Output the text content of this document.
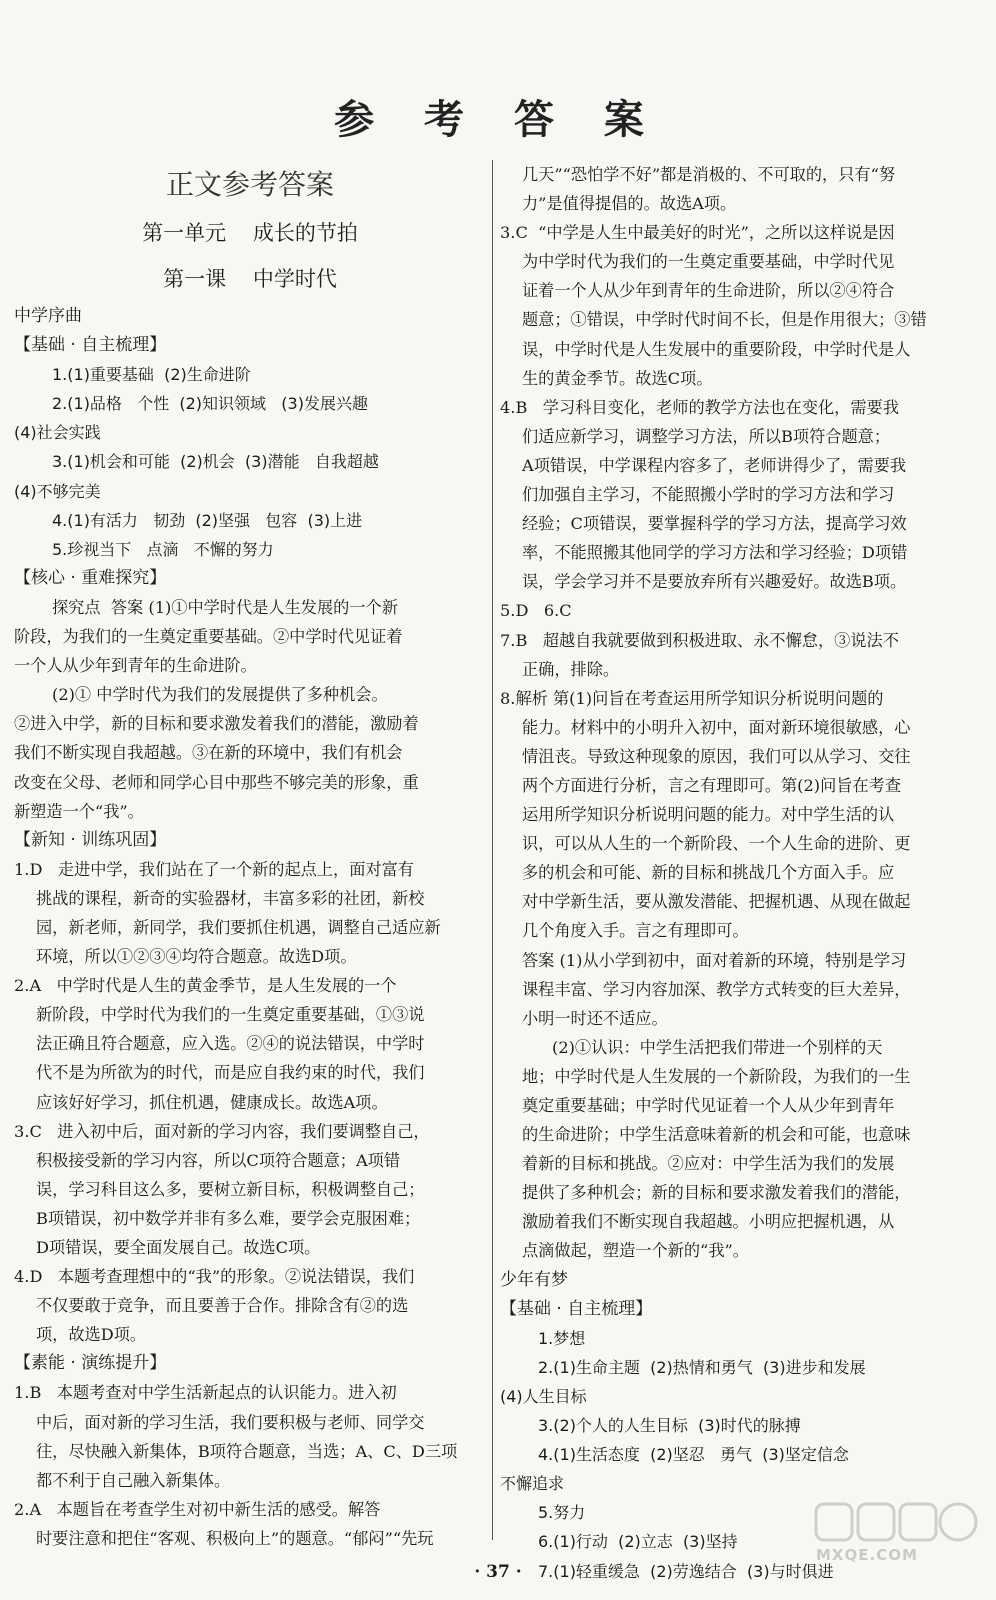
参 考 答 案
正文参考答案
第一单元    成长的节拍
第一课    中学时代
中学序曲
【基础 · 自主梳理】
1.(1)重要基础  (2)生命进阶
2.(1)品格   个性  (2)知识领域   (3)发展兴趣
(4)社会实践
3.(1)机会和可能  (2)机会  (3)潜能   自我超越
(4)不够完美
4.(1)有活力   韧劲  (2)坚强   包容  (3)上进
5.珍视当下   点滴   不懈的努力
【核心 · 重难探究】
探究点  答案 (1)①中学时代是人生发展的一个新
阶段，为我们的一生奠定重要基础。②中学时代见证着
一个人从少年到青年的生命进阶。
(2)① 中学时代为我们的发展提供了多种机会。
②进入中学，新的目标和要求激发着我们的潜能，激励着
我们不断实现自我超越。③在新的环境中，我们有机会
改变在父母、老师和同学心目中那些不够完美的形象，重
新塑造一个“我”。
【新知 · 训练巩固】
1.D   走进中学，我们站在了一个新的起点上，面对富有
挑战的课程，新奇的实验器材，丰富多彩的社团，新校
园，新老师，新同学，我们要抓住机遇，调整自己适应新
环境，所以①②③④均符合题意。故选D项。
2.A   中学时代是人生的黄金季节，是人生发展的一个
新阶段，中学时代为我们的一生奠定重要基础，①③说
法正确且符合题意，应入选。②④的说法错误，中学时
代不是为所欲为的时代，而是应自我约束的时代，我们
应该好好学习，抓住机遇，健康成长。故选A项。
3.C   进入初中后，面对新的学习内容，我们要调整自己，
积极接受新的学习内容，所以C项符合题意；A项错
误，学习科目这么多，要树立新目标，积极调整自己；
B项错误，初中数学并非有多么难，要学会克服困难；
D项错误，要全面发展自己。故选C项。
4.D   本题考查理想中的“我”的形象。②说法错误，我们
不仅要敢于竞争，而且要善于合作。排除含有②的选
项，故选D项。
【素能 · 演练提升】
1.B   本题考查对中学生活新起点的认识能力。进入初
中后，面对新的学习生活，我们要积极与老师、同学交
往，尽快融入新集体，B项符合题意，当选；A、C、D三项
都不利于自己融入新集体。
2.A   本题旨在考查学生对初中新生活的感受。解答
时要注意和把住“客观、积极向上”的题意。“郁闷”“先玩
几天”“恐怕学不好”都是消极的、不可取的，只有“努
力”是值得提倡的。故选A项。
3.C  “中学是人生中最美好的时光”，之所以这样说是因
为中学时代为我们的一生奠定重要基础，中学时代见
证着一个人从少年到青年的生命进阶，所以②④符合
题意；①错误，中学时代时间不长，但是作用很大；③错
误，中学时代是人生发展中的重要阶段，中学时代是人
生的黄金季节。故选C项。
4.B   学习科目变化，老师的教学方法也在变化，需要我
们适应新学习，调整学习方法，所以B项符合题意；
A项错误，中学课程内容多了，老师讲得少了，需要我
们加强自主学习，不能照搬小学时的学习方法和学习
经验；C项错误，要掌握科学的学习方法，提高学习效
率，不能照搬其他同学的学习方法和学习经验；D项错
误，学会学习并不是要放弃所有兴趣爱好。故选B项。
5.D   6.C
7.B   超越自我就要做到积极进取、永不懈怠，③说法不
正确，排除。
8.解析 第(1)问旨在考查运用所学知识分析说明问题的
能力。材料中的小明升入初中，面对新环境很敏感，心
情沮丧。导致这种现象的原因，我们可以从学习、交往
两个方面进行分析，言之有理即可。第(2)问旨在考查
运用所学知识分析说明问题的能力。对中学生活的认
识，可以从人生的一个新阶段、一个人生命的进阶、更
多的机会和可能、新的目标和挑战几个方面入手。应
对中学新生活，要从激发潜能、把握机遇、从现在做起
几个角度入手。言之有理即可。
答案 (1)从小学到初中，面对着新的环境，特别是学习
课程丰富、学习内容加深、教学方式转变的巨大差异，
小明一时还不适应。
(2)①认识：中学生活把我们带进一个别样的天
地；中学时代是人生发展的一个新阶段，为我们的一生
奠定重要基础；中学时代见证着一个人从少年到青年
的生命进阶；中学生活意味着新的机会和可能，也意味
着新的目标和挑战。②应对：中学生活为我们的发展
提供了多种机会；新的目标和要求激发着我们的潜能，
激励着我们不断实现自我超越。小明应把握机遇，从
点滴做起，塑造一个新的“我”。
少年有梦
【基础 · 自主梳理】
1.梦想
2.(1)生命主题  (2)热情和勇气  (3)进步和发展
(4)人生目标
3.(2)个人的人生目标  (3)时代的脉搏
4.(1)生活态度  (2)坚忍   勇气  (3)坚定信念
不懈追求
5.努力
6.(1)行动  (2)立志  (3)坚持
7.(1)轻重缓急  (2)劳逸结合  (3)与时俱进
· 37 ·
MXQE.COM
